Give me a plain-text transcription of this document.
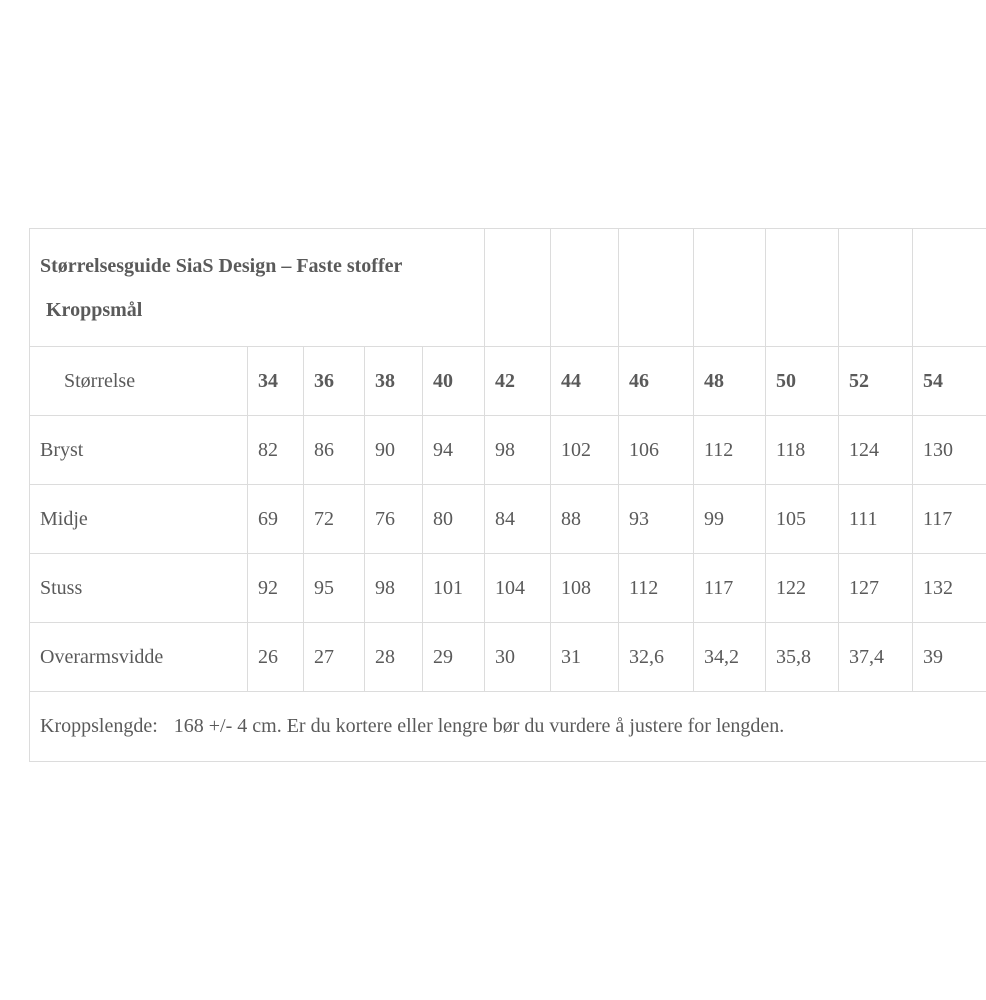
Størrelsesguide SiaS Design – Faste stoffer
Kroppsmål											

Størrelse	34	36	38	40	42	44	46	48	50	52	54
Bryst	82	86	90	94	98	102	106	112	118	124	130
Midje	69	72	76	80	84	88	93	99	105	111	117
Stuss	92	95	98	101	104	108	112	117	122	127	132
Overarmsvidde	26	27	28	29	30	31	32,6	34,2	35,8	37,4	39
Kroppslengde: 168 +/- 4 cm. Er du kortere eller lengre bør du vurdere å justere for lengden.											
